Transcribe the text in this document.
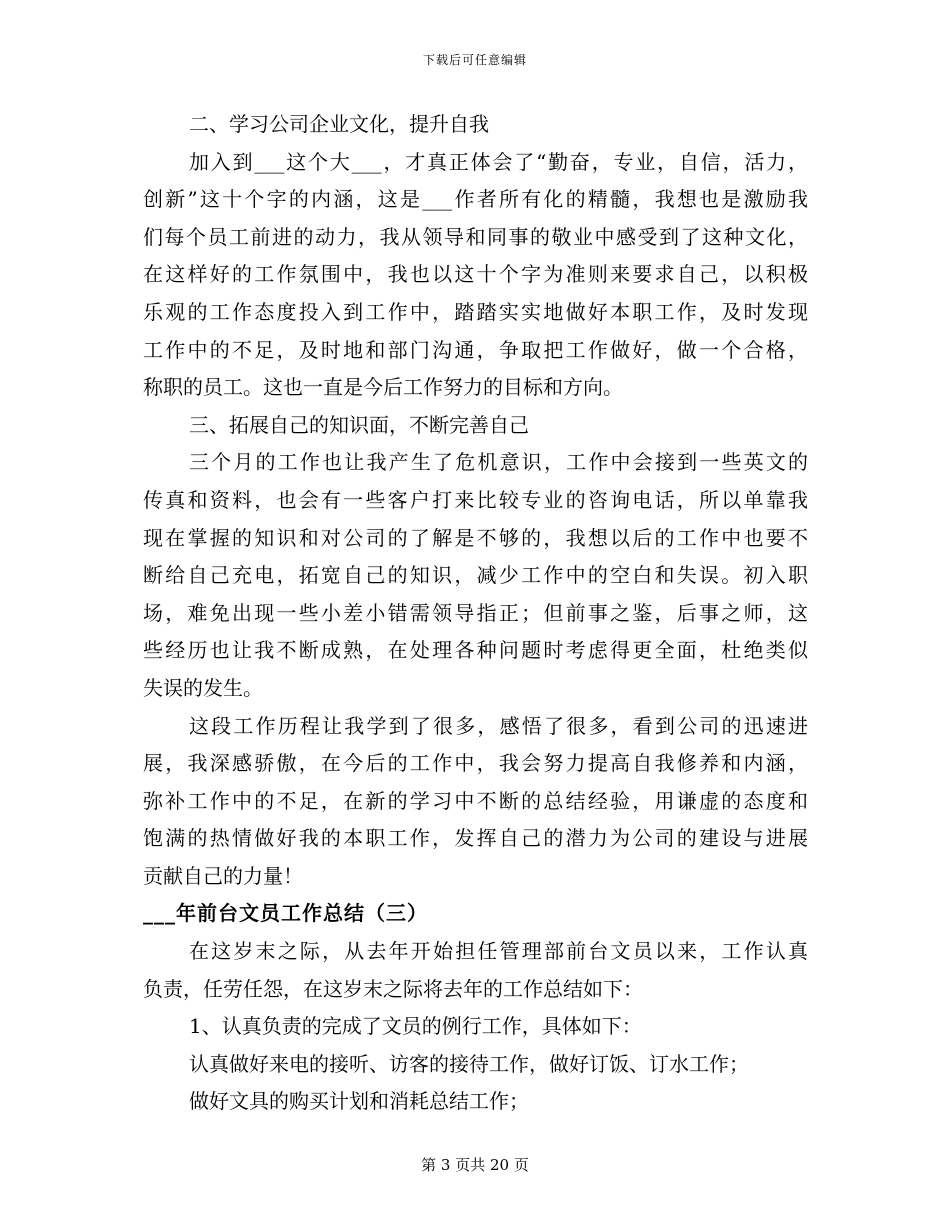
下载后可任意编辑
二、学习公司企业文化，提升自我
加入到___这个大___，才真正体会了“勤奋，专业，自信，活力，
创新”这十个字的内涵，这是___作者所有化的精髓，我想也是激励我
们每个员工前进的动力，我从领导和同事的敬业中感受到了这种文化，
在这样好的工作氛围中，我也以这十个字为准则来要求自己，以积极
乐观的工作态度投入到工作中，踏踏实实地做好本职工作，及时发现
工作中的不足，及时地和部门沟通，争取把工作做好，做一个合格，
称职的员工。这也一直是今后工作努力的目标和方向。
三、拓展自己的知识面，不断完善自己
三个月的工作也让我产生了危机意识，工作中会接到一些英文的
传真和资料，也会有一些客户打来比较专业的咨询电话，所以单靠我
现在掌握的知识和对公司的了解是不够的，我想以后的工作中也要不
断给自己充电，拓宽自己的知识，减少工作中的空白和失误。初入职
场，难免出现一些小差小错需领导指正；但前事之鉴，后事之师，这
些经历也让我不断成熟，在处理各种问题时考虑得更全面，杜绝类似
失误的发生。
这段工作历程让我学到了很多，感悟了很多，看到公司的迅速进
展，我深感骄傲，在今后的工作中，我会努力提高自我修养和内涵，
弥补工作中的不足，在新的学习中不断的总结经验，用谦虚的态度和
饱满的热情做好我的本职工作，发挥自己的潜力为公司的建设与进展
贡献自己的力量！
___年前台文员工作总结（三）
在这岁末之际，从去年开始担任管理部前台文员以来，工作认真
负责，任劳任怨，在这岁末之际将去年的工作总结如下：
1、认真负责的完成了文员的例行工作，具体如下：
认真做好来电的接听、访客的接待工作，做好订饭、订水工作；
做好文具的购买计划和消耗总结工作；
第 3 页共 20 页
